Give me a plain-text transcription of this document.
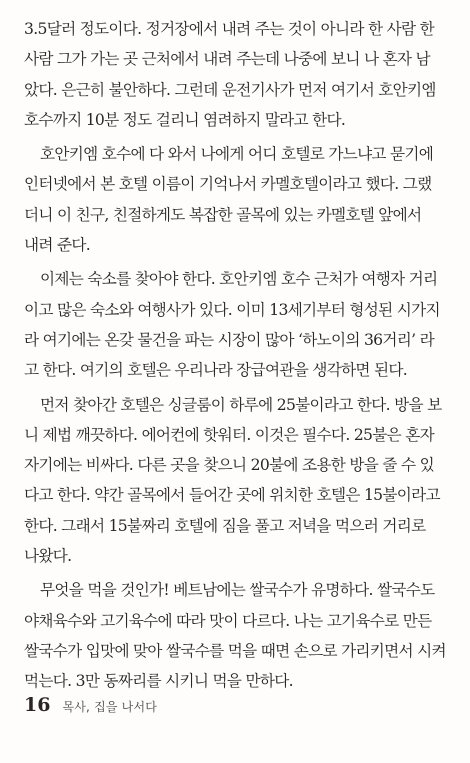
3.5달러 정도이다. 정거장에서 내려 주는 것이 아니라 한 사람 한
사람 그가 가는 곳 근처에서 내려 주는데 나중에 보니 나 혼자 남
았다. 은근히 불안하다. 그런데 운전기사가 먼저 여기서 호안키엠
호수까지 10분 정도 걸리니 염려하지 말라고 한다.

호안키엠 호수에 다 와서 나에게 어디 호텔로 가느냐고 묻기에
인터넷에서 본 호텔 이름이 기억나서 카멜호텔이라고 했다. 그랬
더니 이 친구, 친절하게도 복잡한 골목에 있는 카멜호텔 앞에서
내려 준다.

이제는 숙소를 찾아야 한다. 호안키엠 호수 근처가 여행자 거리
이고 많은 숙소와 여행사가 있다. 이미 13세기부터 형성된 시가지
라 여기에는 온갖 물건을 파는 시장이 많아 ‘하노이의 36거리’ 라
고 한다. 여기의 호텔은 우리나라 장급여관을 생각하면 된다.

먼저 찾아간 호텔은 싱글룸이 하루에 25불이라고 한다. 방을 보
니 제법 깨끗하다. 에어컨에 핫워터. 이것은 필수다. 25불은 혼자
자기에는 비싸다. 다른 곳을 찾으니 20불에 조용한 방을 줄 수 있
다고 한다. 약간 골목에서 들어간 곳에 위치한 호텔은 15불이라고
한다. 그래서 15불짜리 호텔에 짐을 풀고 저녁을 먹으러 거리로
나왔다.

무엇을 먹을 것인가! 베트남에는 쌀국수가 유명하다. 쌀국수도
야채육수와 고기육수에 따라 맛이 다르다. 나는 고기육수로 만든
쌀국수가 입맛에 맞아 쌀국수를 먹을 때면 손으로 가리키면서 시켜
먹는다. 3만 동짜리를 시키니 먹을 만하다.

16 목사, 집을 나서다
